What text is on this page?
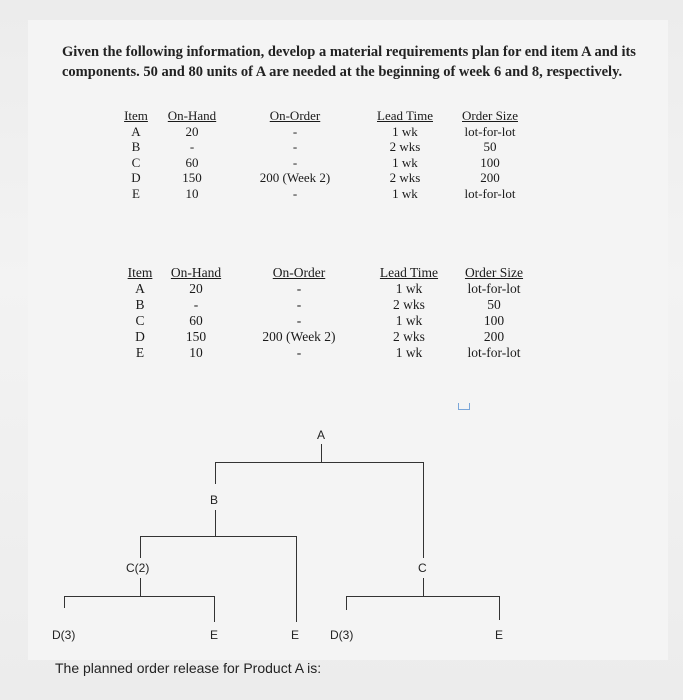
Given the following information, develop a material requirements plan for end item A and its

components. 50 and 80 units of A are needed at the beginning of week 6 and 8, respectively.

Item	On-Hand	On-Order	Lead Time	Order Size
A	20	-	1 wk	lot-for-lot
B	-	-	2 wks	50
C	60	-	1 wk	100
D	150	200 (Week 2)	2 wks	200
E	10	-	1 wk	lot-for-lot
Item	On-Hand	On-Order	Lead Time	Order Size
A	20	-	1 wk	lot-for-lot
B	-	-	2 wks	50
C	60	-	1 wk	100
D	150	200 (Week 2)	2 wks	200
E	10	-	1 wk	lot-for-lot
A
B
C(2)	C
D(3)	E	E	D(3)	E
The planned order release for Product A is:
